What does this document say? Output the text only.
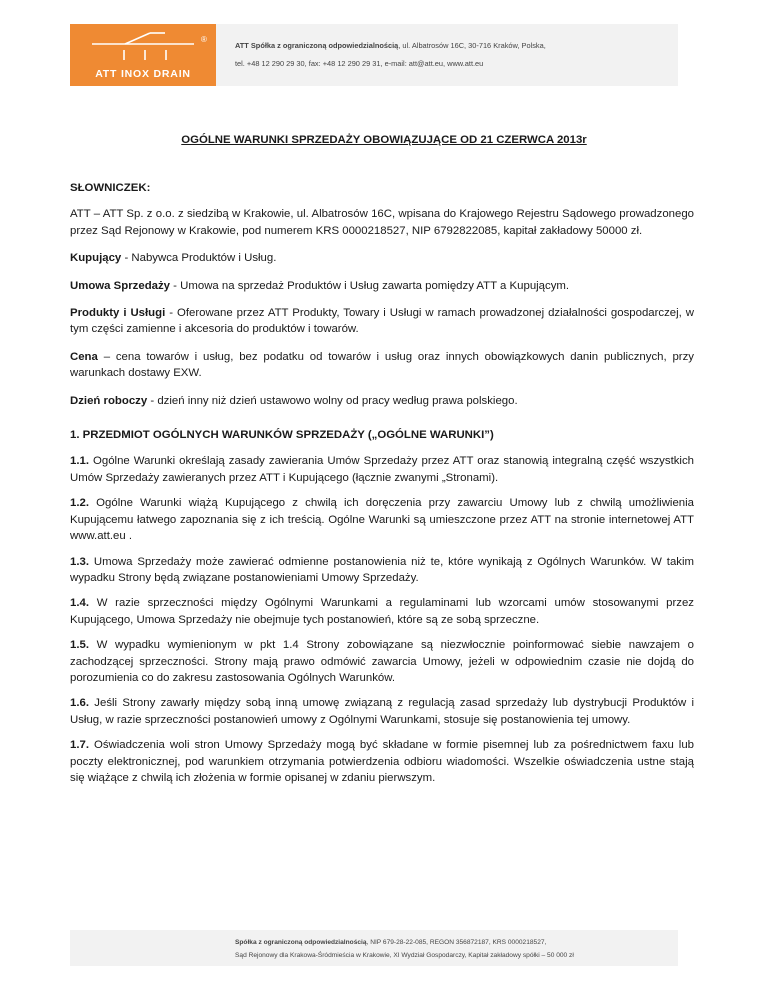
®
ATT INOX DRAIN
ATT Spółka z ograniczoną odpowiedzialnością, ul. Albatrosów 16C, 30-716 Kraków, Polska,
tel. +48 12 290 29 30, fax: +48 12 290 29 31, e-mail: att@att.eu, www.att.eu
OGÓLNE WARUNKI SPRZEDAŻY OBOWIĄZUJĄCE OD 21 CZERWCA 2013r

SŁOWNICZEK:

ATT – ATT Sp. z o.o. z siedzibą w Krakowie, ul. Albatrosów 16C, wpisana do Krajowego Rejestru Sądowego prowadzonego przez Sąd Rejonowy w Krakowie, pod numerem KRS 0000218527, NIP 6792822085, kapitał zakładowy 50000 zł.

Kupujący - Nabywca Produktów i Usług.

Umowa Sprzedaży - Umowa na sprzedaż Produktów i Usług zawarta pomiędzy ATT a Kupującym.

Produkty i Usługi - Oferowane przez ATT Produkty, Towary i Usługi w ramach prowadzonej działalności gospodarczej, w tym części zamienne i akcesoria do produktów i towarów.

Cena – cena towarów i usług, bez podatku od towarów i usług oraz innych obowiązkowych danin publicznych, przy warunkach dostawy EXW.

Dzień roboczy - dzień inny niż dzień ustawowo wolny od pracy według prawa polskiego.

1. PRZEDMIOT OGÓLNYCH WARUNKÓW SPRZEDAŻY („OGÓLNE WARUNKI”)

1.1. Ogólne Warunki określają zasady zawierania Umów Sprzedaży przez ATT oraz stanowią integralną część wszystkich Umów Sprzedaży zawieranych przez ATT i Kupującego (łącznie zwanymi „Stronami).

1.2. Ogólne Warunki wiążą Kupującego z chwilą ich doręczenia przy zawarciu Umowy lub z chwilą umożliwienia Kupującemu łatwego zapoznania się z ich treścią. Ogólne Warunki są umieszczone przez ATT na stronie internetowej ATT www.att.eu .

1.3. Umowa Sprzedaży może zawierać odmienne postanowienia niż te, które wynikają z Ogólnych Warunków. W takim wypadku Strony będą związane postanowieniami Umowy Sprzedaży.

1.4. W razie sprzeczności między Ogólnymi Warunkami a regulaminami lub wzorcami umów stosowanymi przez Kupującego, Umowa Sprzedaży nie obejmuje tych postanowień, które są ze sobą sprzeczne.

1.5. W wypadku wymienionym w pkt 1.4 Strony zobowiązane są niezwłocznie poinformować siebie nawzajem o zachodzącej sprzeczności. Strony mają prawo odmówić zawarcia Umowy, jeżeli w odpowiednim czasie nie dojdą do porozumienia co do zakresu zastosowania Ogólnych Warunków.

1.6. Jeśli Strony zawarły między sobą inną umowę związaną z regulacją zasad sprzedaży lub dystrybucji Produktów i Usług, w razie sprzeczności postanowień umowy z Ogólnymi Warunkami, stosuje się postanowienia tej umowy.

1.7. Oświadczenia woli stron Umowy Sprzedaży mogą być składane w formie pisemnej lub za pośrednictwem faxu lub poczty elektronicznej, pod warunkiem otrzymania potwierdzenia odbioru wiadomości. Wszelkie oświadczenia ustne stają się wiążące z chwilą ich złożenia w formie opisanej w zdaniu pierwszym.

Spółka z ograniczoną odpowiedzialnością, NIP 679-28-22-085, REGON 356872187, KRS 0000218527,
Sąd Rejonowy dla Krakowa-Śródmieścia w Krakowie, XI Wydział Gospodarczy, Kapitał zakładowy spółki – 50 000 zł
